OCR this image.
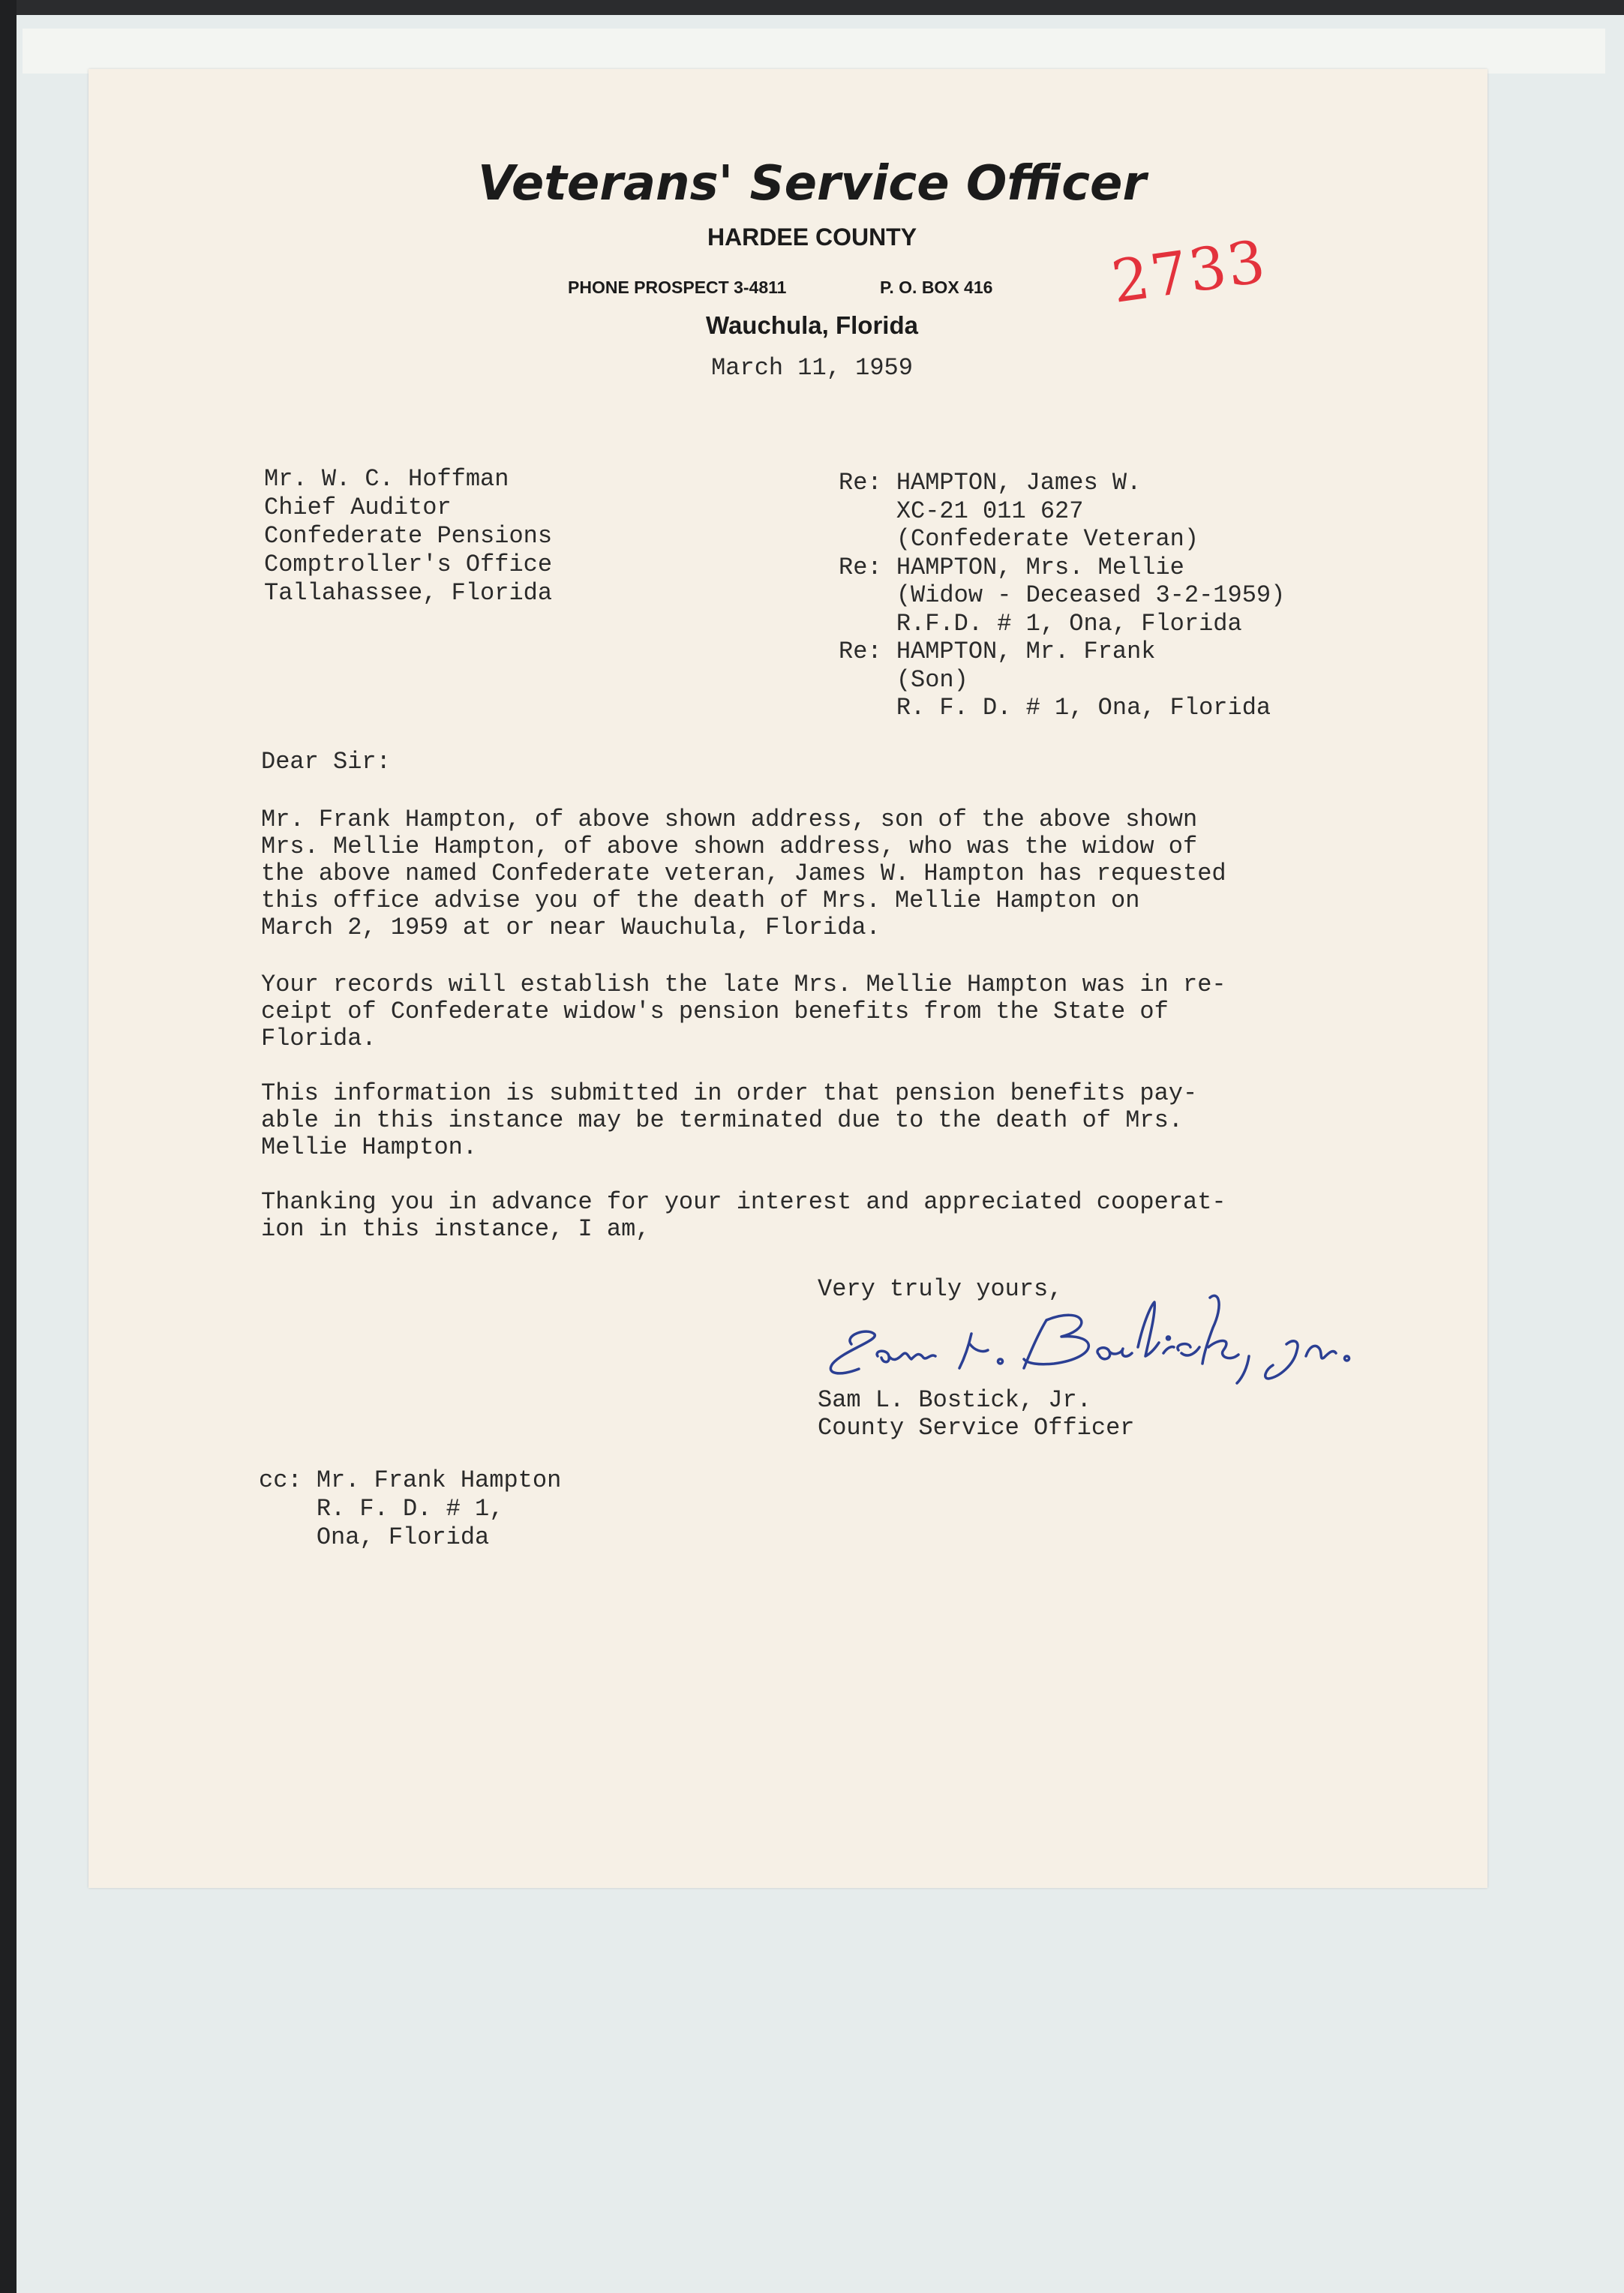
Veterans' Service Officer
HARDEE COUNTY
PHONE PROSPECT 3-4811	P. O. BOX 416
Wauchula, Florida
2733
March 11, 1959
Mr. W. C. Hoffman
Chief Auditor
Confederate Pensions
Comptroller's Office
Tallahassee, Florida
Re: HAMPTON, James W.
XC-21 011 627
(Confederate Veteran)
Re: HAMPTON, Mrs. Mellie
(Widow - Deceased 3-2-1959)
R.F.D. # 1, Ona, Florida
Re: HAMPTON, Mr. Frank
(Son)
R. F. D. # 1, Ona, Florida
Dear Sir:
Mr. Frank Hampton, of above shown address, son of the above shown
Mrs. Mellie Hampton, of above shown address, who was the widow of
the above named Confederate veteran, James W. Hampton has requested
this office advise you of the death of Mrs. Mellie Hampton on
March 2, 1959 at or near Wauchula, Florida.
Your records will establish the late Mrs. Mellie Hampton was in re-
ceipt of Confederate widow's pension benefits from the State of
Florida.
This information is submitted in order that pension benefits pay-
able in this instance may be terminated due to the death of Mrs.
Mellie Hampton.
Thanking you in advance for your interest and appreciated cooperat-
ion in this instance, I am,
Very truly yours,
Sam L. Bostick, Jr.
County Service Officer
cc: Mr. Frank Hampton
R. F. D. # 1,
Ona, Florida
